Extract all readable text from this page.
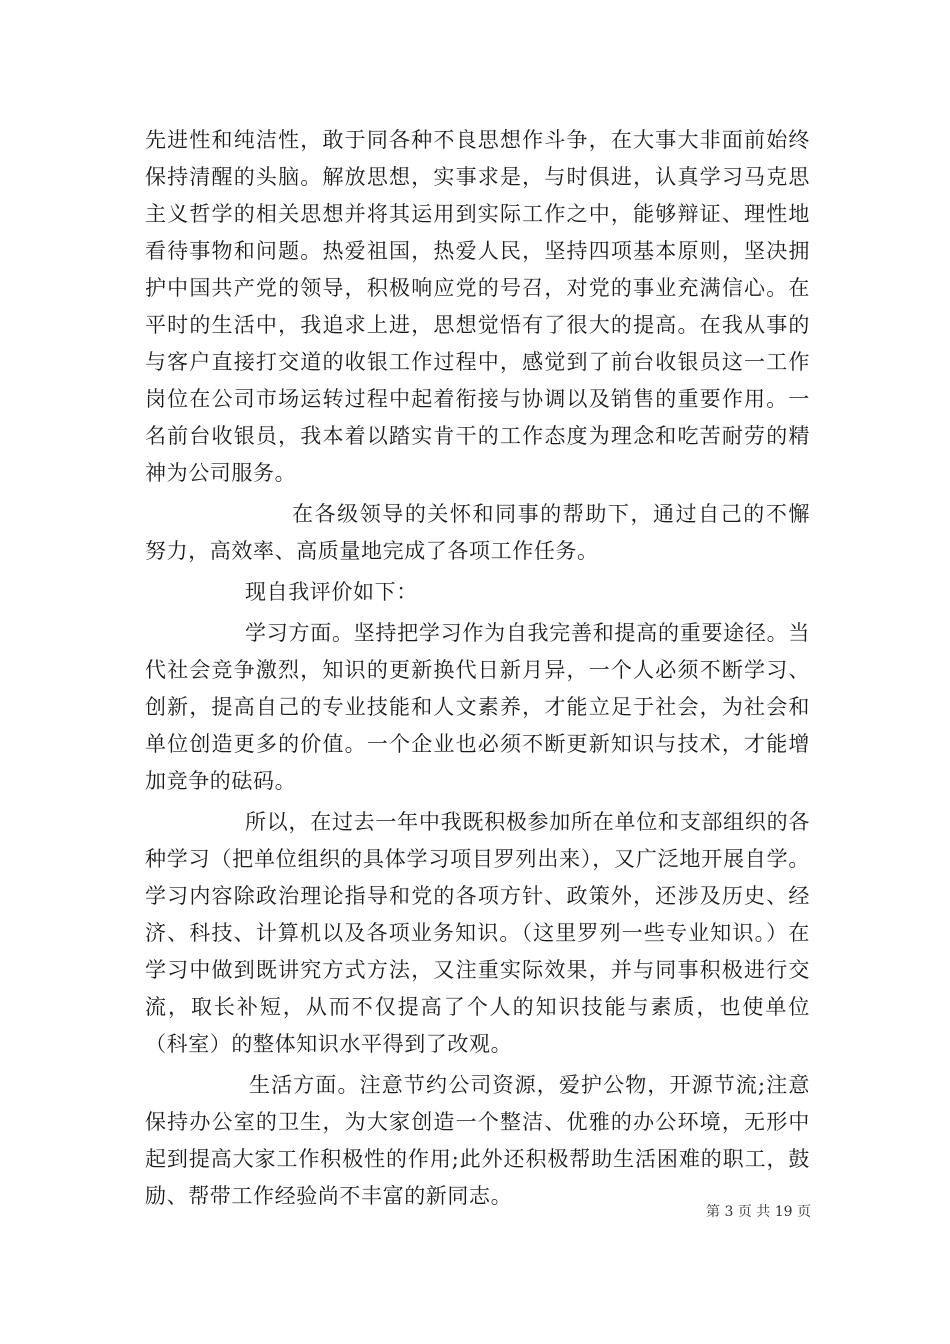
先进性和纯洁性，敢于同各种不良思想作斗争，在大事大非面前始终保持清醒的头脑。解放思想，实事求是，与时俱进，认真学习马克思主义哲学的相关思想并将其运用到实际工作之中，能够辩证、理性地看待事物和问题。热爱祖国，热爱人民，坚持四项基本原则，坚决拥护中国共产党的领导，积极响应党的号召，对党的事业充满信心。在平时的生活中，我追求上进，思想觉悟有了很大的提高。在我从事的与客户直接打交道的收银工作过程中，感觉到了前台收银员这一工作岗位在公司市场运转过程中起着衔接与协调以及销售的重要作用。一名前台收银员，我本着以踏实肯干的工作态度为理念和吃苦耐劳的精神为公司服务。

在各级领导的关怀和同事的帮助下，通过自己的不懈努力，高效率、高质量地完成了各项工作任务。

现自我评价如下：

学习方面。坚持把学习作为自我完善和提高的重要途径。当代社会竞争激烈，知识的更新换代日新月异，一个人必须不断学习、创新，提高自己的专业技能和人文素养，才能立足于社会，为社会和单位创造更多的价值。一个企业也必须不断更新知识与技术，才能增加竞争的砝码。

所以，在过去一年中我既积极参加所在单位和支部组织的各种学习（把单位组织的具体学习项目罗列出来），又广泛地开展自学。学习内容除政治理论指导和党的各项方针、政策外，还涉及历史、经济、科技、计算机以及各项业务知识。（这里罗列一些专业知识。）在学习中做到既讲究方式方法，又注重实际效果，并与同事积极进行交流，取长补短，从而不仅提高了个人的知识技能与素质，也使单位（科室）的整体知识水平得到了改观。

生活方面。注意节约公司资源，爱护公物，开源节流;注意保持办公室的卫生，为大家创造一个整洁、优雅的办公环境，无形中起到提高大家工作积极性的作用;此外还积极帮助生活困难的职工，鼓励、帮带工作经验尚不丰富的新同志。

第 3 页 共 19 页
